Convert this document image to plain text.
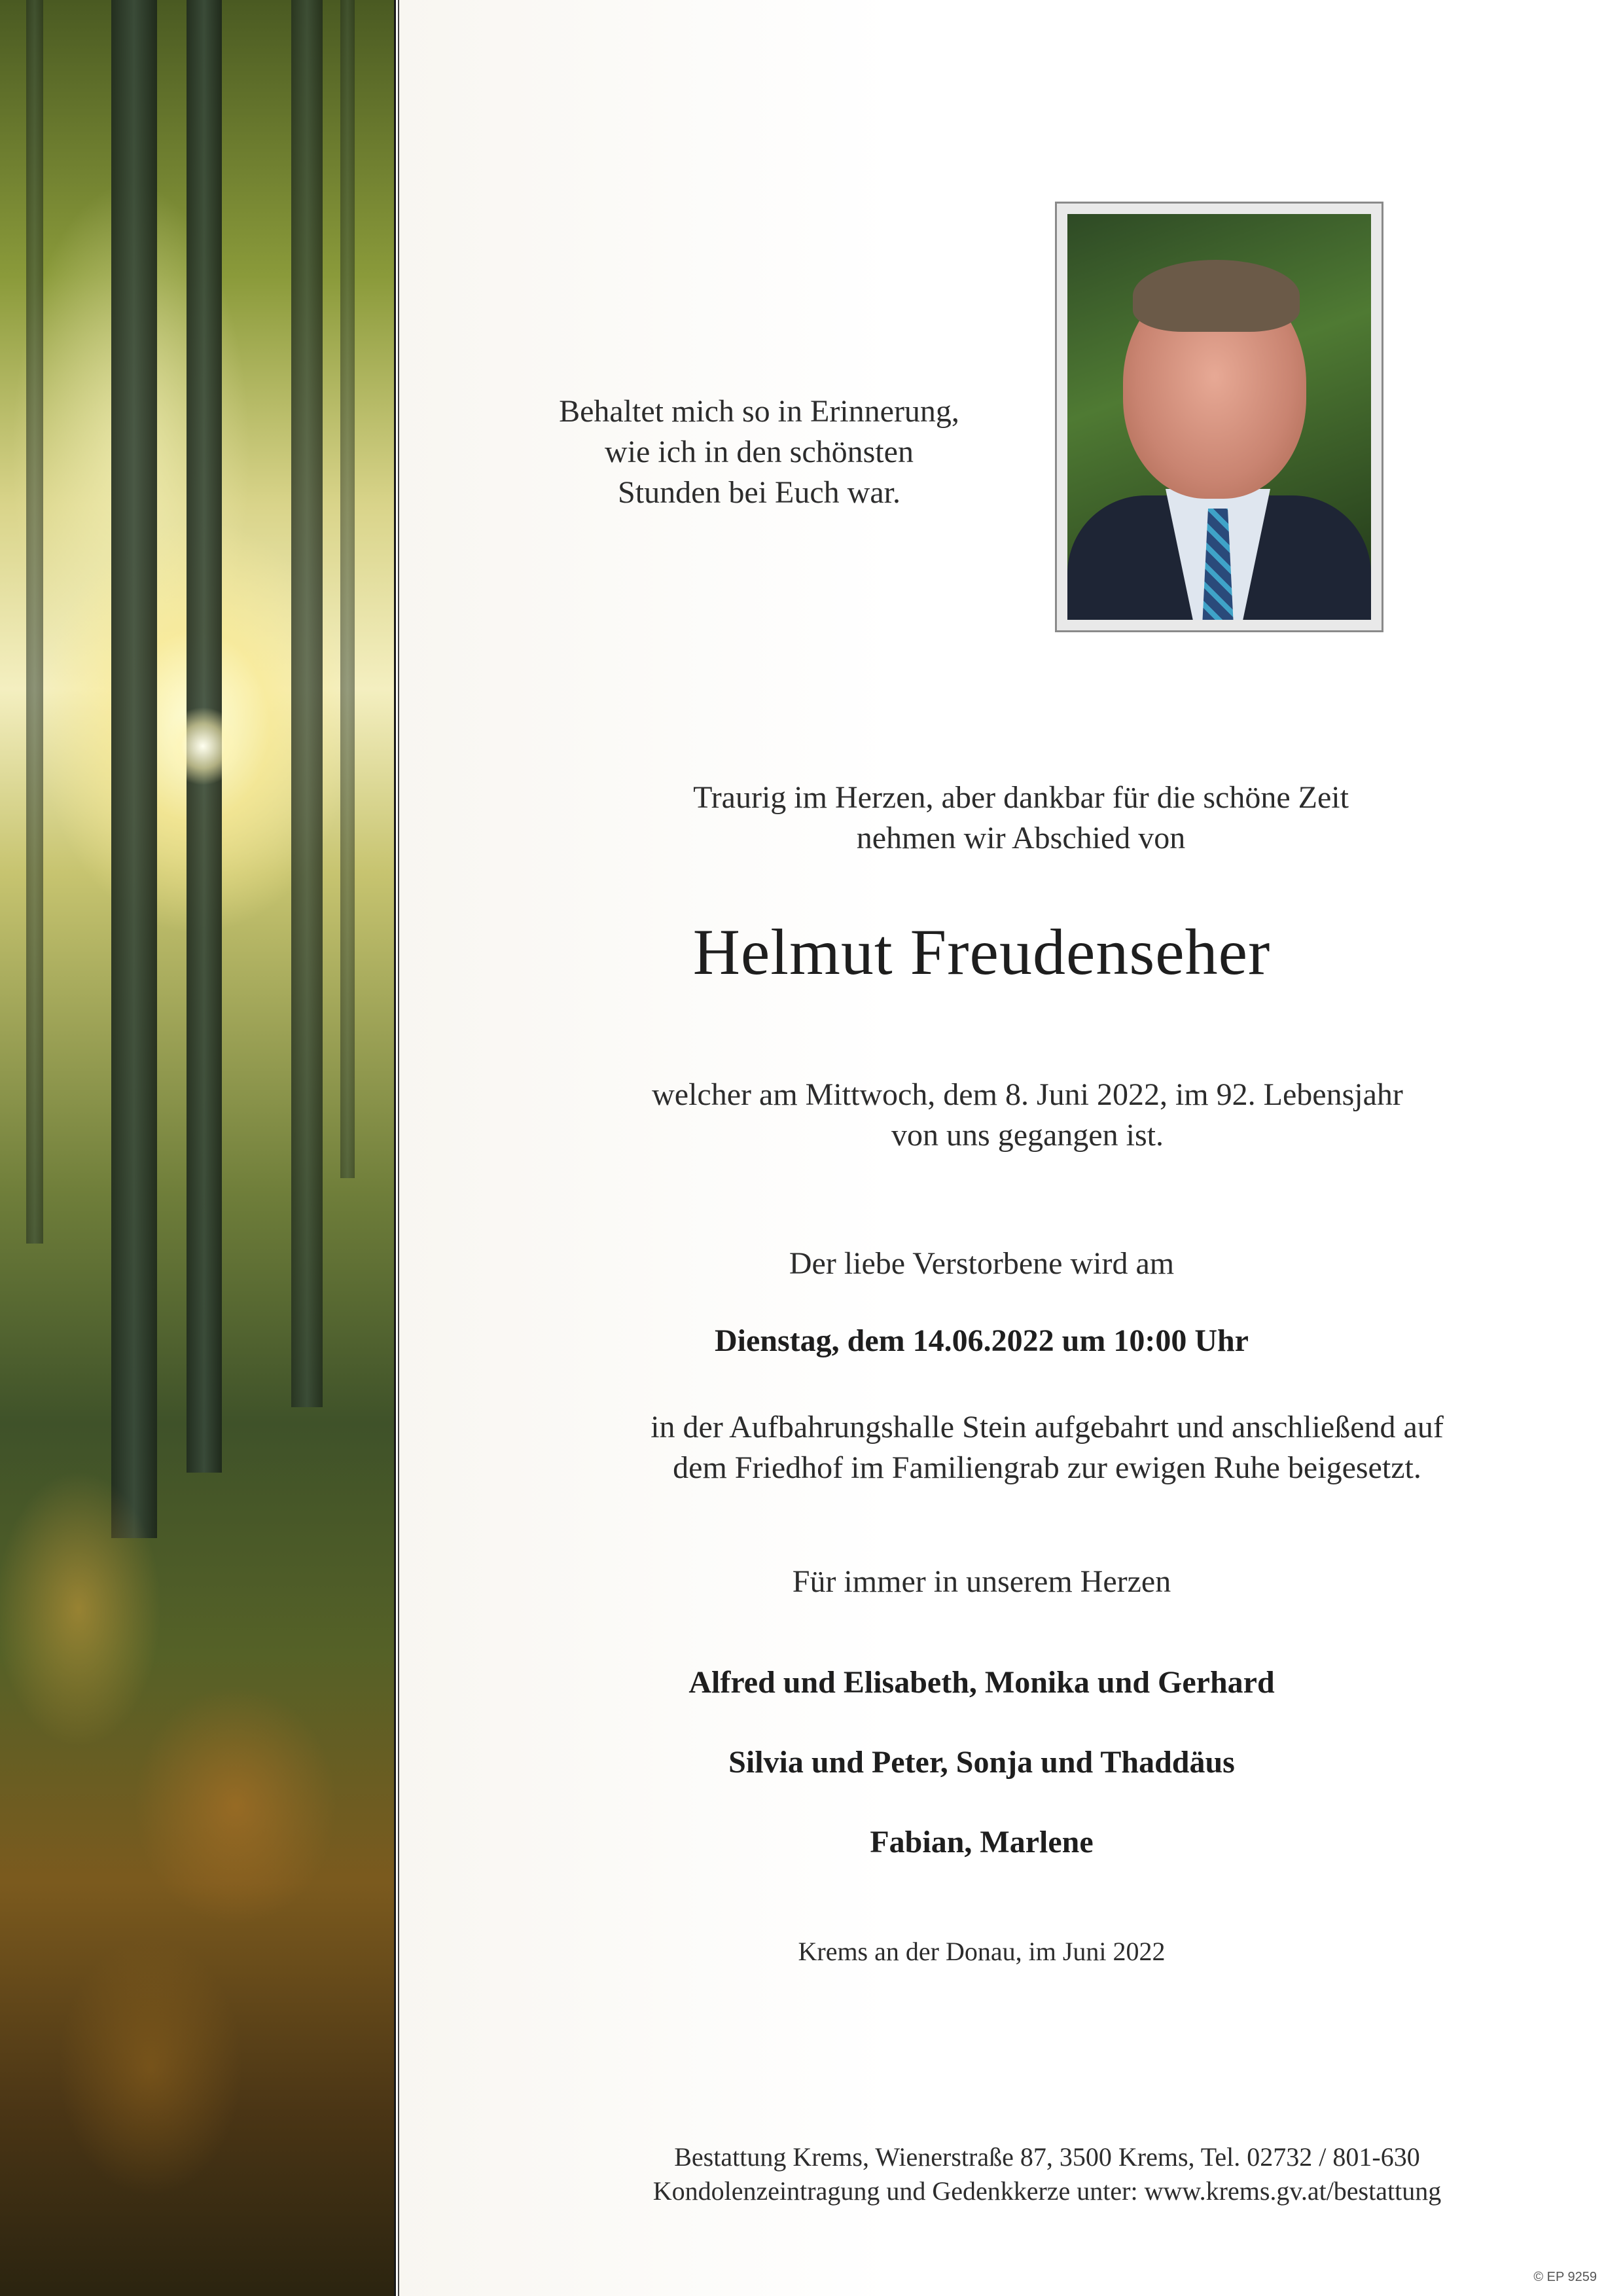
Behaltet mich so in Erinnerung,
wie ich in den schönsten
Stunden bei Euch war.
Traurig im Herzen, aber dankbar für die schöne Zeit
nehmen wir Abschied von
Helmut Freudenseher
welcher am Mittwoch, dem 8. Juni 2022, im 92. Lebensjahr
von uns gegangen ist.
Der liebe Verstorbene wird am
Dienstag, dem 14.06.2022 um 10:00 Uhr
in der Aufbahrungshalle Stein aufgebahrt und anschließend auf
dem Friedhof im Familiengrab zur ewigen Ruhe beigesetzt.
Für immer in unserem Herzen
Alfred und Elisabeth, Monika und Gerhard
Silvia und Peter, Sonja und Thaddäus
Fabian, Marlene
Krems an der Donau, im Juni 2022
Bestattung Krems, Wienerstraße 87, 3500 Krems, Tel. 02732 / 801-630
Kondolenzeintragung und Gedenkkerze unter: www.krems.gv.at/bestattung
© EP 9259
